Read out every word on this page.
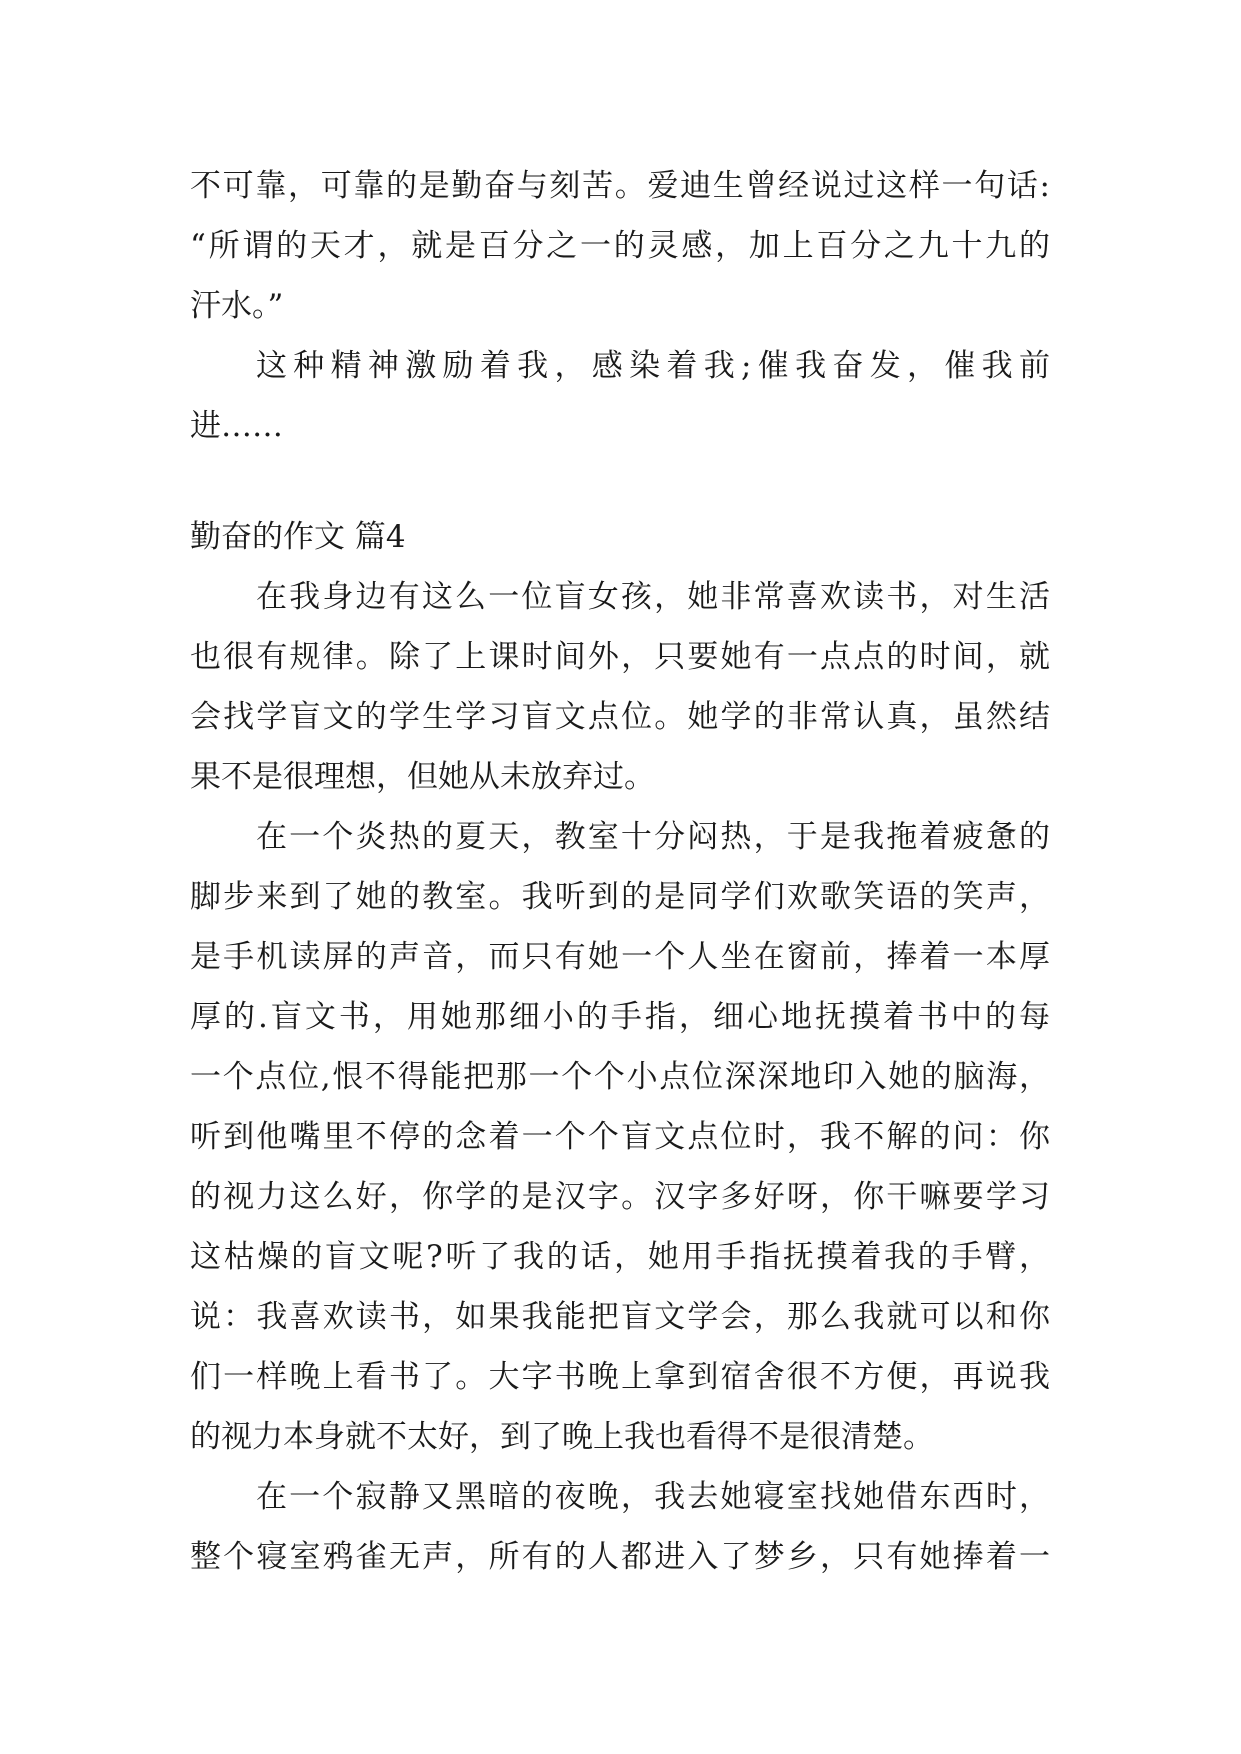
不可靠，可靠的是勤奋与刻苦。爱迪生曾经说过这样一句话:
“所谓的天才，就是百分之一的灵感，加上百分之九十九的
汗水。”
这种精神激励着我，感染着我;催我奋发，催我前
进……
勤奋的作文 篇4
在我身边有这么一位盲女孩，她非常喜欢读书，对生活
也很有规律。除了上课时间外，只要她有一点点的时间，就
会找学盲文的学生学习盲文点位。她学的非常认真，虽然结
果不是很理想，但她从未放弃过。
在一个炎热的夏天，教室十分闷热，于是我拖着疲惫的
脚步来到了她的教室。我听到的是同学们欢歌笑语的笑声，
是手机读屏的声音，而只有她一个人坐在窗前，捧着一本厚
厚的.盲文书，用她那细小的手指，细心地抚摸着书中的每
一个点位,恨不得能把那一个个小点位深深地印入她的脑海，
听到他嘴里不停的念着一个个盲文点位时，我不解的问：你
的视力这么好，你学的是汉字。汉字多好呀，你干嘛要学习
这枯燥的盲文呢?听了我的话，她用手指抚摸着我的手臂，
说：我喜欢读书，如果我能把盲文学会，那么我就可以和你
们一样晚上看书了。大字书晚上拿到宿舍很不方便，再说我
的视力本身就不太好，到了晚上我也看得不是很清楚。
在一个寂静又黑暗的夜晚，我去她寝室找她借东西时，
整个寝室鸦雀无声，所有的人都进入了梦乡，只有她捧着一
